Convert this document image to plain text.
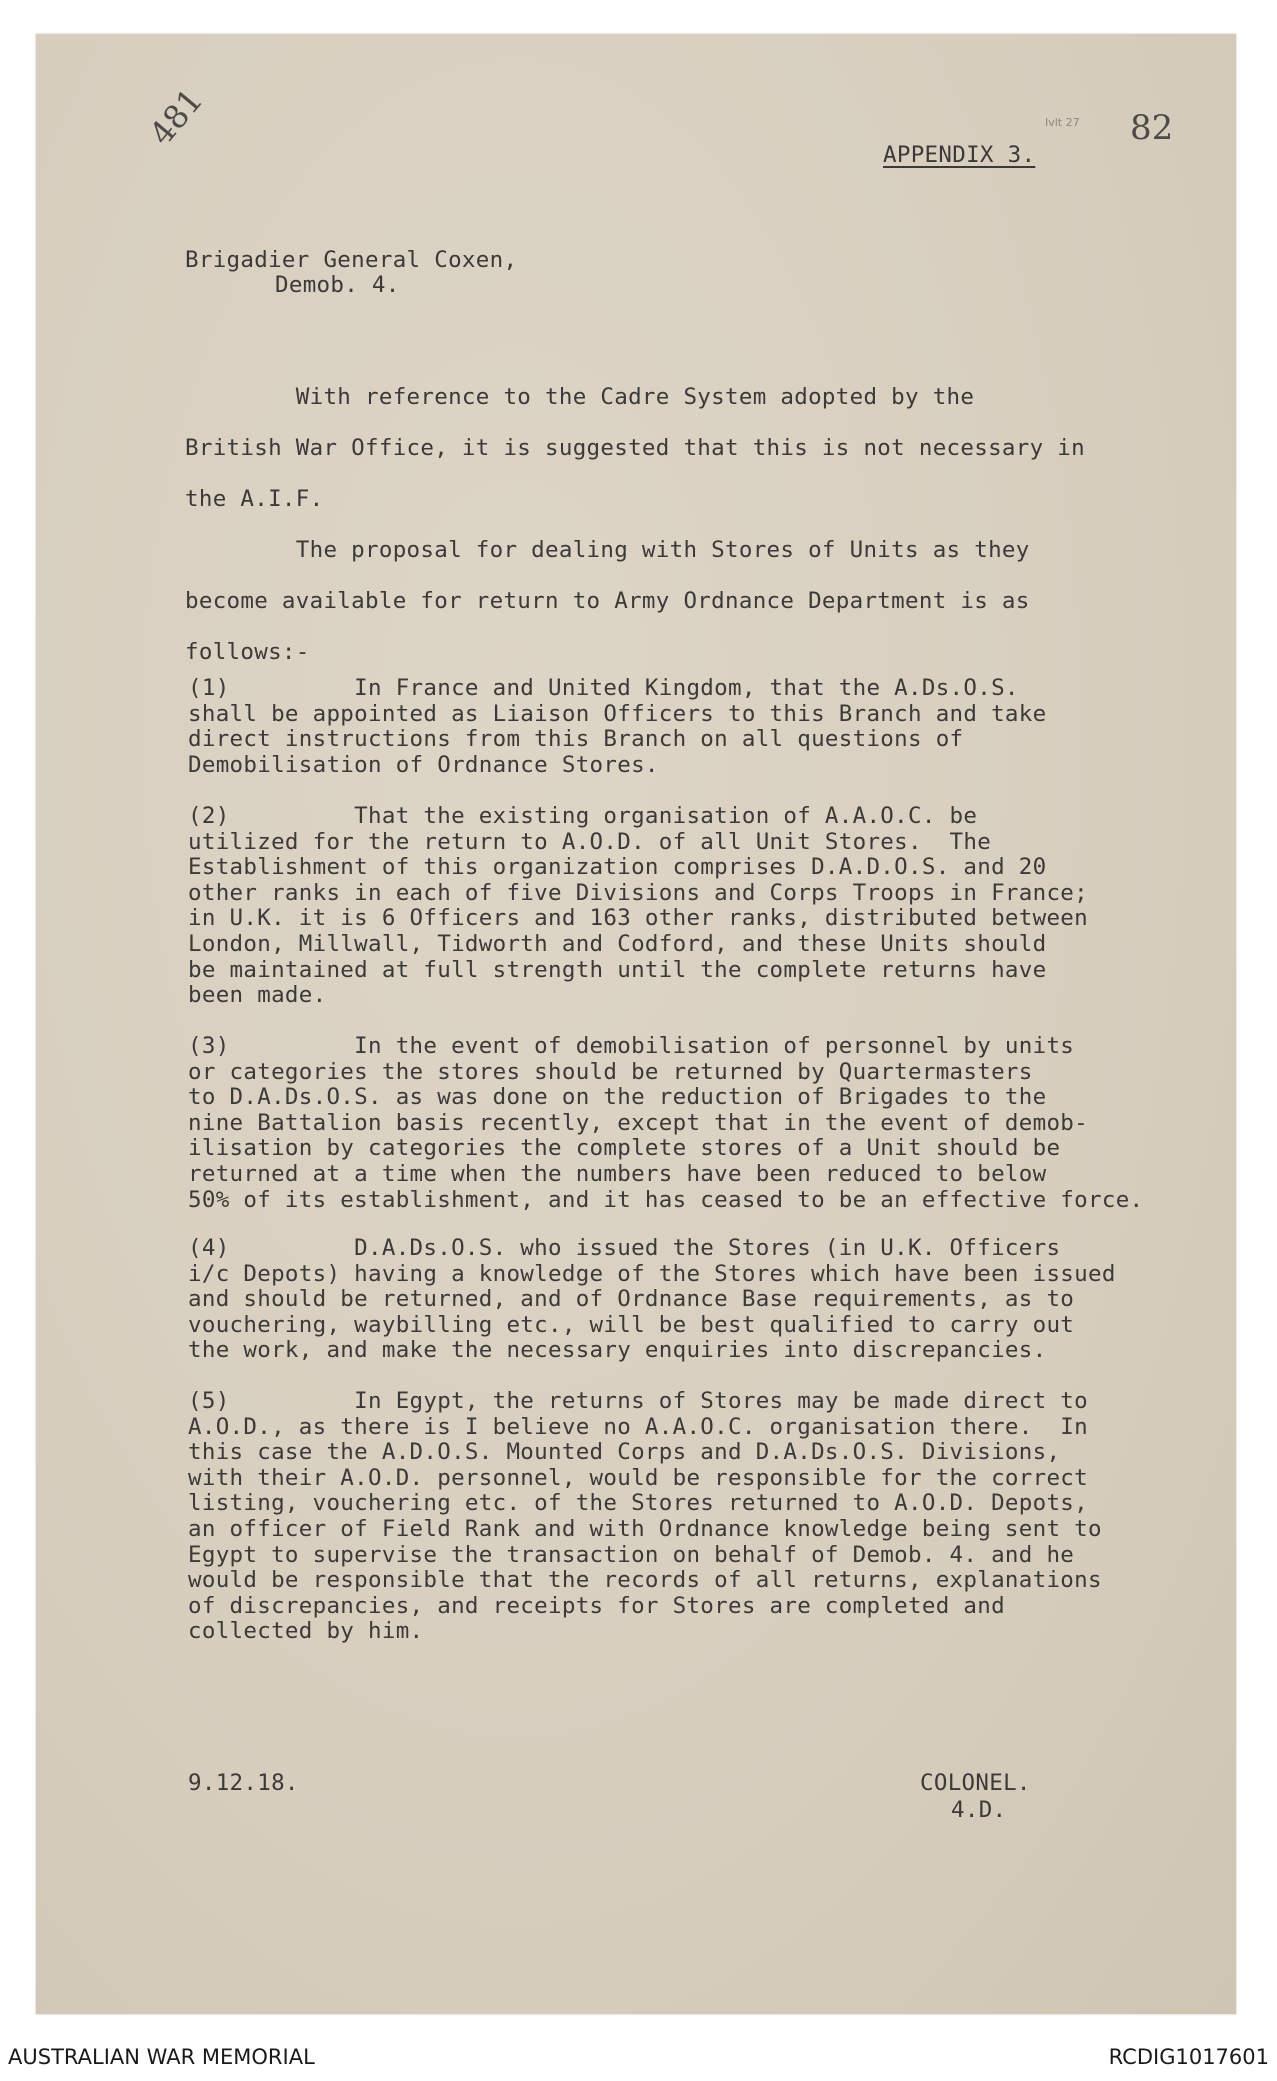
481	Ivlt 27 82
APPENDIX 3.
Brigadier General Coxen,
Demob. 4.
With reference to the Cadre System adopted by the
British War Office, it is suggested that this is not necessary in
the A.I.F.
The proposal for dealing with Stores of Units as they
become available for return to Army Ordnance Department is as
follows:-
(1)         In France and United Kingdom, that the A.Ds.O.S.
shall be appointed as Liaison Officers to this Branch and take
direct instructions from this Branch on all questions of
Demobilisation of Ordnance Stores.
(2)         That the existing organisation of A.A.O.C. be
utilized for the return to A.O.D. of all Unit Stores.  The
Establishment of this organization comprises D.A.D.O.S. and 20
other ranks in each of five Divisions and Corps Troops in France;
in U.K. it is 6 Officers and 163 other ranks, distributed between
London, Millwall, Tidworth and Codford, and these Units should
be maintained at full strength until the complete returns have
been made.
(3)         In the event of demobilisation of personnel by units
or categories the stores should be returned by Quartermasters
to D.A.Ds.O.S. as was done on the reduction of Brigades to the
nine Battalion basis recently, except that in the event of demob-
ilisation by categories the complete stores of a Unit should be
returned at a time when the numbers have been reduced to below
50% of its establishment, and it has ceased to be an effective force.
(4)         D.A.Ds.O.S. who issued the Stores (in U.K. Officers
i/c Depots) having a knowledge of the Stores which have been issued
and should be returned, and of Ordnance Base requirements, as to
vouchering, waybilling etc., will be best qualified to carry out
the work, and make the necessary enquiries into discrepancies.
(5)         In Egypt, the returns of Stores may be made direct to
A.O.D., as there is I believe no A.A.O.C. organisation there.  In
this case the A.D.O.S. Mounted Corps and D.A.Ds.O.S. Divisions,
with their A.O.D. personnel, would be responsible for the correct
listing, vouchering etc. of the Stores returned to A.O.D. Depots,
an officer of Field Rank and with Ordnance knowledge being sent to
Egypt to supervise the transaction on behalf of Demob. 4. and he
would be responsible that the records of all returns, explanations
of discrepancies, and receipts for Stores are completed and
collected by him.
9.12.18.	COLONEL.
4.D.
AUSTRALIAN WAR MEMORIAL	RCDIG1017601
